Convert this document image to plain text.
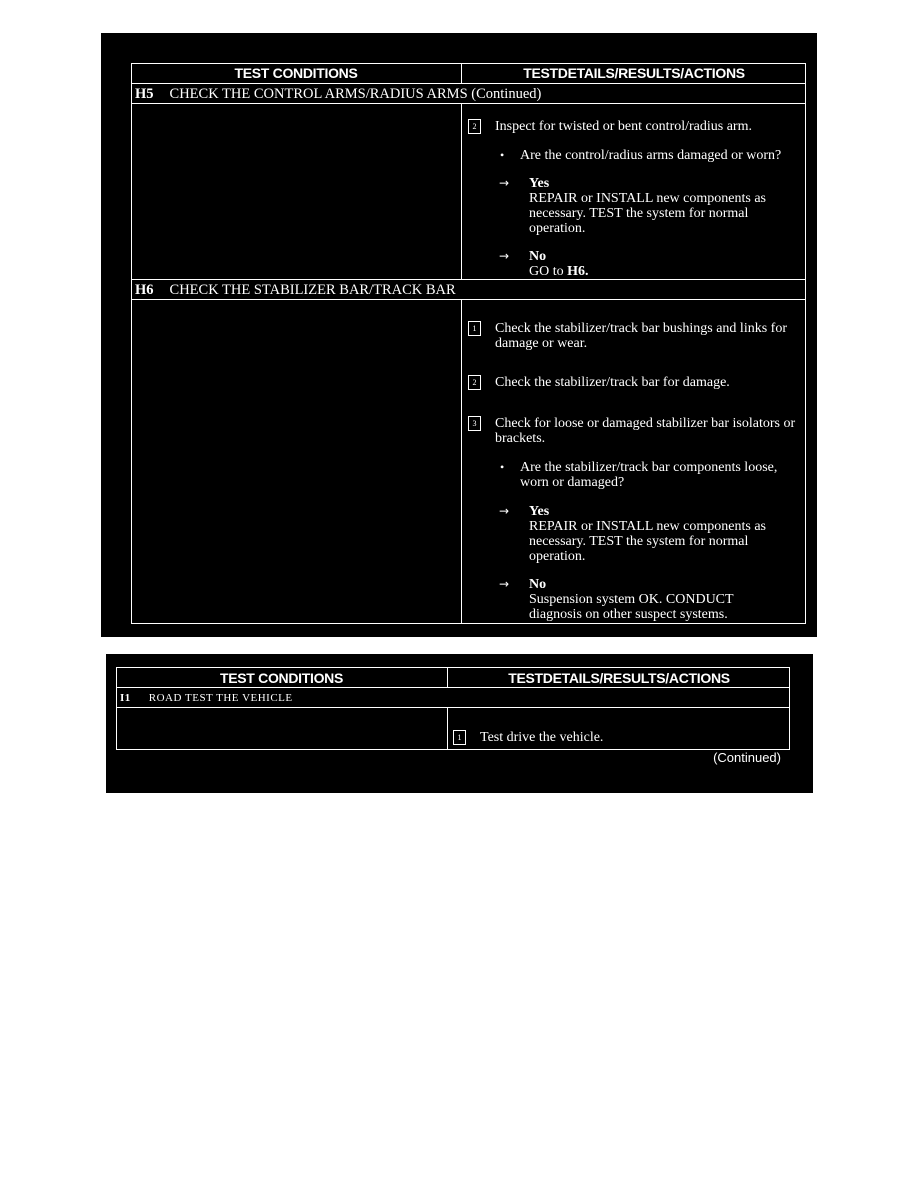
TEST CONDITIONS	TESTDETAILS/RESULTS/ACTIONS
H5 CHECK THE CONTROL ARMS/RADIUS ARMS (Continued)
2	Inspect for twisted or bent control/radius arm.
• Are the control/radius arms damaged or worn?
→ Yes
REPAIR or INSTALL new components as necessary. TEST the system for normal operation.
→ No
GO to H6.
H6 CHECK THE STABILIZER BAR/TRACK BAR
1	Check the stabilizer/track bar bushings and links for damage or wear.
2	Check the stabilizer/track bar for damage.
3	Check for loose or damaged stabilizer bar isolators or brackets.
• Are the stabilizer/track bar components loose, worn or damaged?
→ Yes
REPAIR or INSTALL new components as necessary. TEST the system for normal operation.
→ No
Suspension system OK. CONDUCT diagnosis on other suspect systems.
TEST CONDITIONS	TESTDETAILS/RESULTS/ACTIONS
I1 ROAD TEST THE VEHICLE
1	Test drive the vehicle.
(Continued)
